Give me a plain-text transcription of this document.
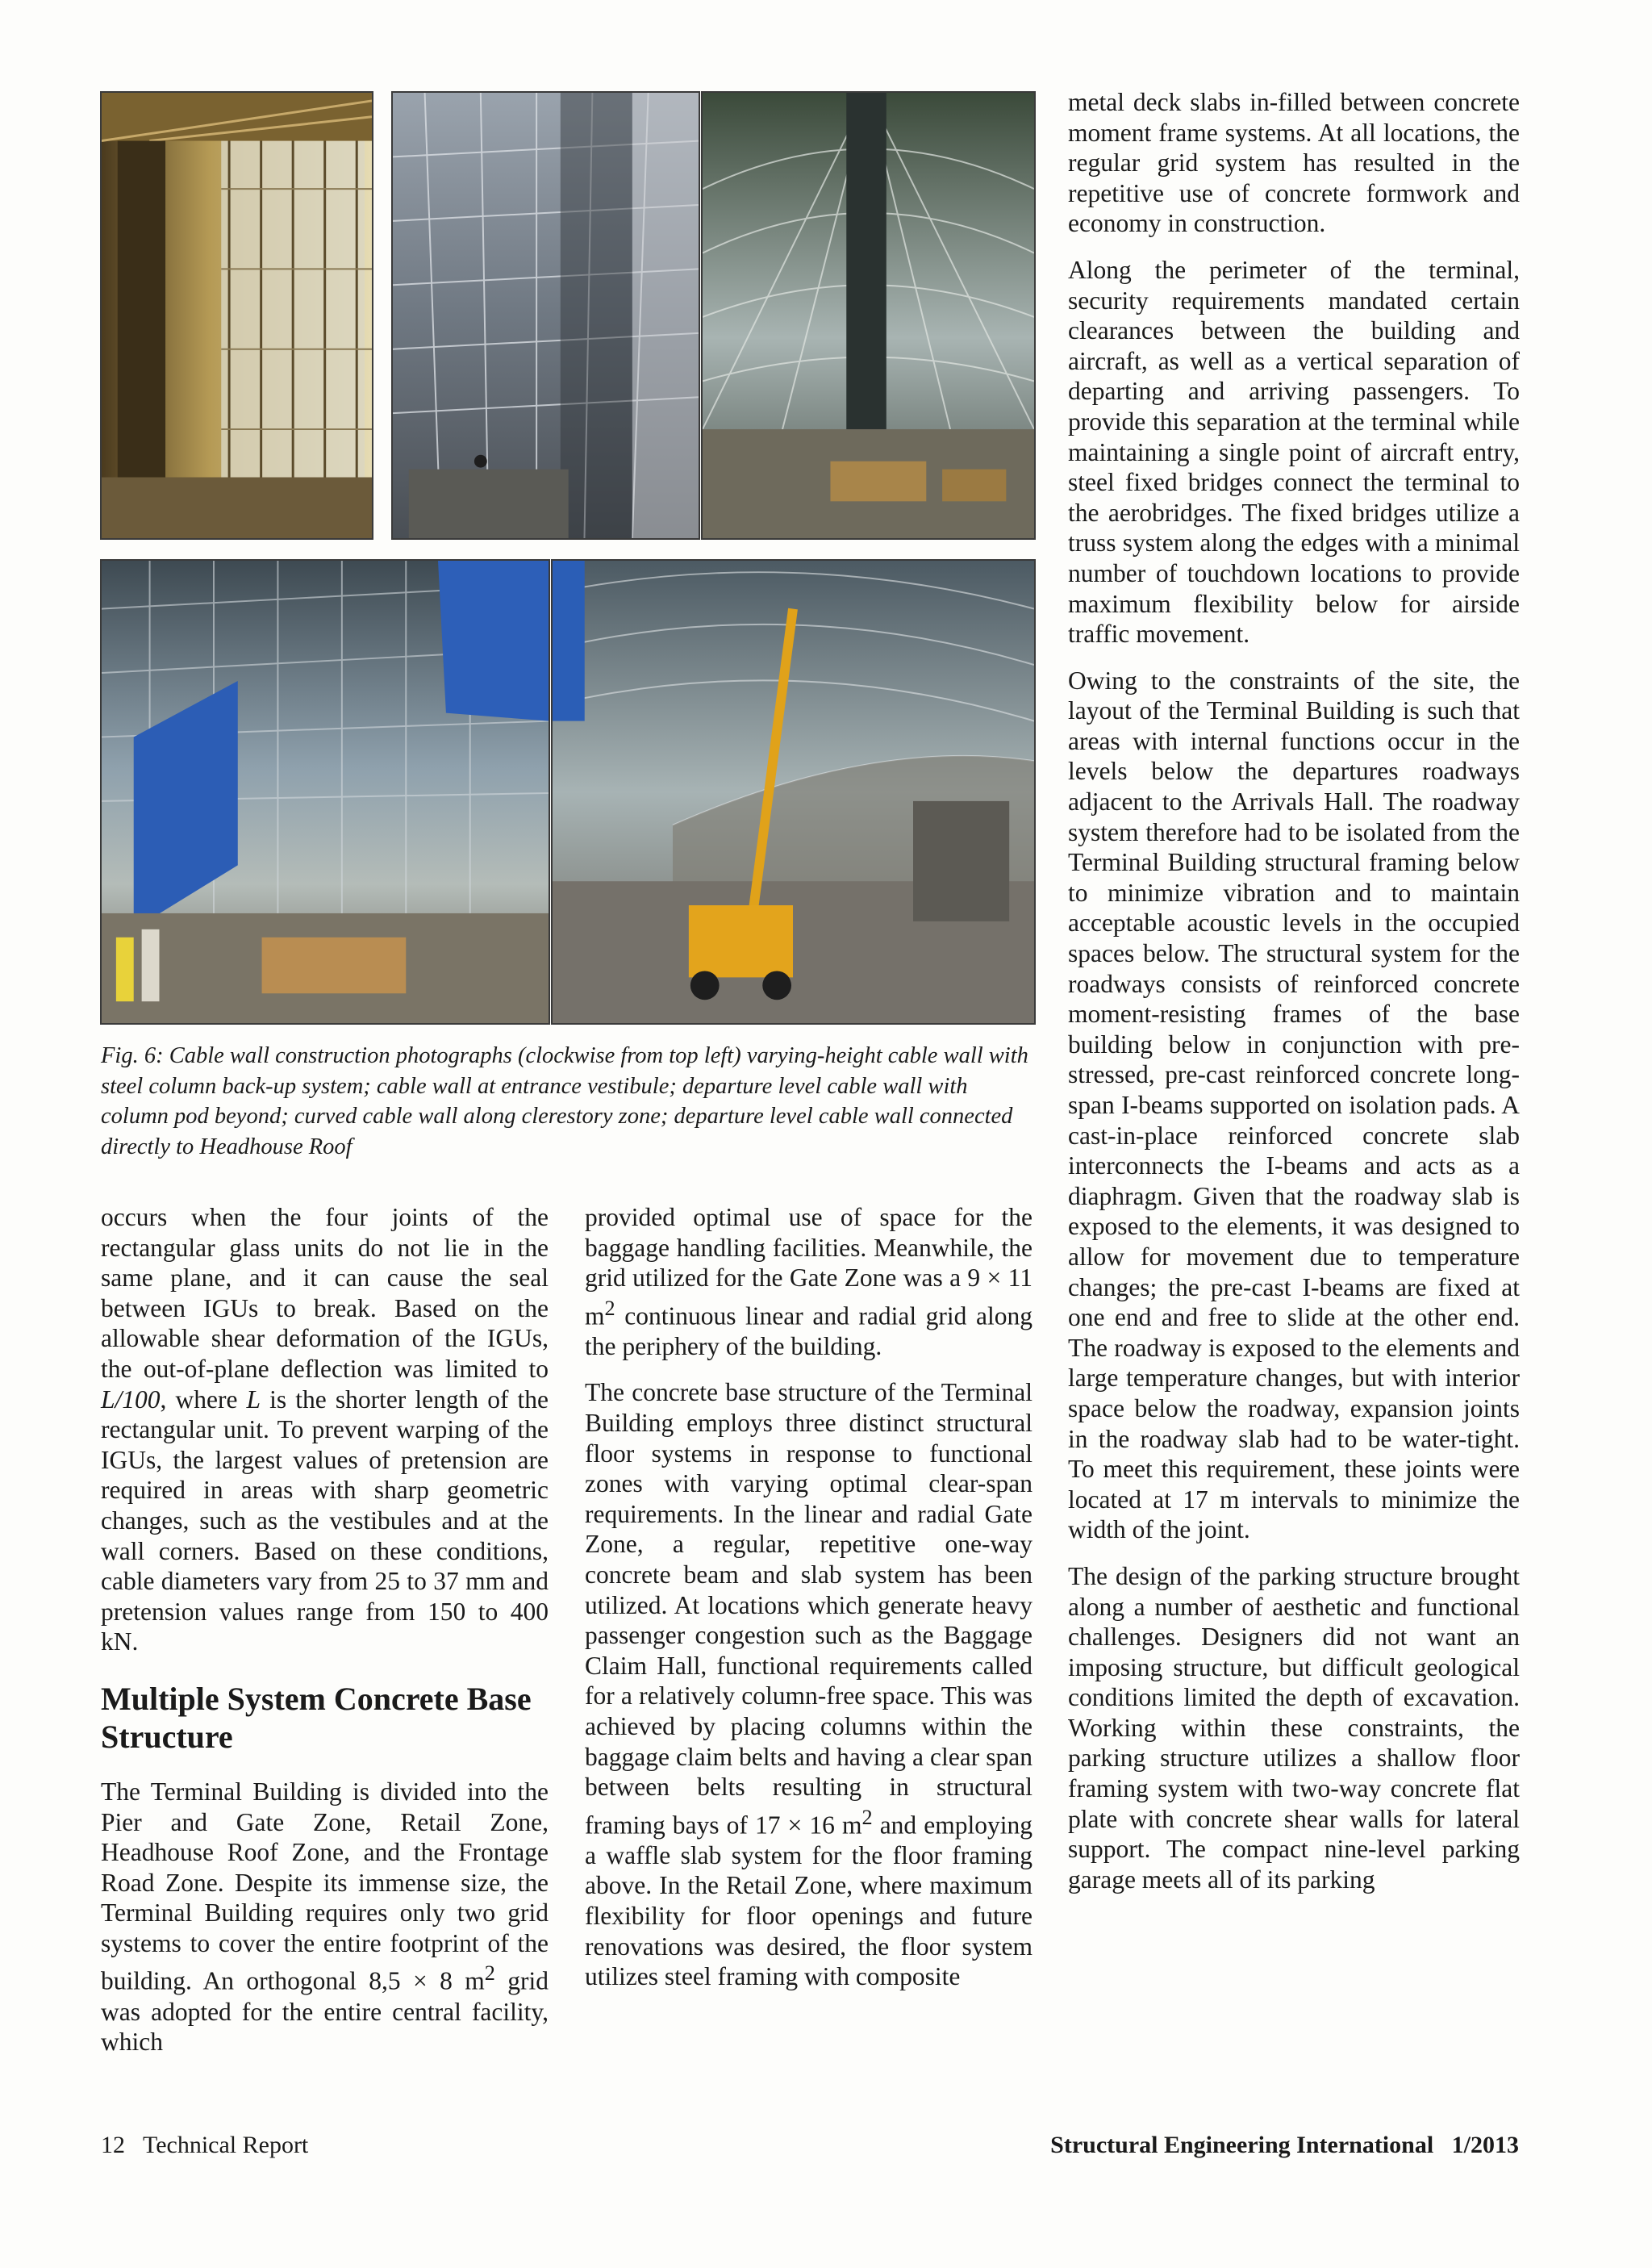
Fig. 6: Cable wall construction photographs (clockwise from top left) varying-height cable wall with steel column back-up system; cable wall at entrance vestibule; departure level cable wall with column pod beyond; curved cable wall along clerestory zone; departure level cable wall connected directly to Headhouse Roof

occurs when the four joints of the rectangular glass units do not lie in the same plane, and it can cause the seal between IGUs to break. Based on the allowable shear deformation of the IGUs, the out-of-plane deflection was limited to L/100, where L is the shorter length of the rectangular unit. To prevent warping of the IGUs, the largest values of pretension are required in areas with sharp geometric changes, such as the vestibules and at the wall corners. Based on these conditions, cable diameters vary from 25 to 37 mm and pretension values range from 150 to 400 kN.

Multiple System Concrete Base Structure

The Terminal Building is divided into the Pier and Gate Zone, Retail Zone, Headhouse Roof Zone, and the Frontage Road Zone. Despite its immense size, the Terminal Building requires only two grid systems to cover the entire footprint of the building. An orthogonal 8,5 × 8 $m^2$ grid was adopted for the entire central facility, which

provided optimal use of space for the baggage handling facilities. Meanwhile, the grid utilized for the Gate Zone was a 9 × 11 $m^2$ continuous linear and radial grid along the periphery of the building.

The concrete base structure of the Terminal Building employs three distinct structural floor systems in response to functional zones with varying optimal clear-span requirements. In the linear and radial Gate Zone, a regular, repetitive one-way concrete beam and slab system has been utilized. At locations which generate heavy passenger congestion such as the Baggage Claim Hall, functional requirements called for a relatively column-free space. This was achieved by placing columns within the baggage claim belts and having a clear span between belts resulting in structural framing bays of 17 × 16 $m^2$ and employing a waffle slab system for the floor framing above. In the Retail Zone, where maximum flexibility for floor openings and future renovations was desired, the floor system utilizes steel framing with composite

metal deck slabs in-filled between concrete moment frame systems. At all locations, the regular grid system has resulted in the repetitive use of concrete formwork and economy in construction.

Along the perimeter of the terminal, security requirements mandated certain clearances between the building and aircraft, as well as a vertical separation of departing and arriving passengers. To provide this separation at the terminal while maintaining a single point of aircraft entry, steel fixed bridges connect the terminal to the aerobridges. The fixed bridges utilize a truss system along the edges with a minimal number of touchdown locations to provide maximum flexibility below for airside traffic movement.

Owing to the constraints of the site, the layout of the Terminal Building is such that areas with internal functions occur in the levels below the departures roadways adjacent to the Arrivals Hall. The roadway system therefore had to be isolated from the Terminal Building structural framing below to minimize vibration and to maintain acceptable acoustic levels in the occupied spaces below. The structural system for the roadways consists of reinforced concrete moment-resisting frames of the base building below in conjunction with pre-stressed, pre-cast reinforced concrete long-span I-beams supported on isolation pads. A cast-in-place reinforced concrete slab interconnects the I-beams and acts as a diaphragm. Given that the roadway slab is exposed to the elements, it was designed to allow for movement due to temperature changes; the pre-cast I-beams are fixed at one end and free to slide at the other end. The roadway is exposed to the elements and large temperature changes, but with interior space below the roadway, expansion joints in the roadway slab had to be water-tight. To meet this requirement, these joints were located at 17 m intervals to minimize the width of the joint.

The design of the parking structure brought along a number of aesthetic and functional challenges. Designers did not want an imposing structure, but difficult geological conditions limited the depth of excavation. Working within these constraints, the parking structure utilizes a shallow floor framing system with two-way concrete flat plate with concrete shear walls for lateral support. The compact nine-level parking garage meets all of its parking

12   Technical Report	Structural Engineering International   1/2013
